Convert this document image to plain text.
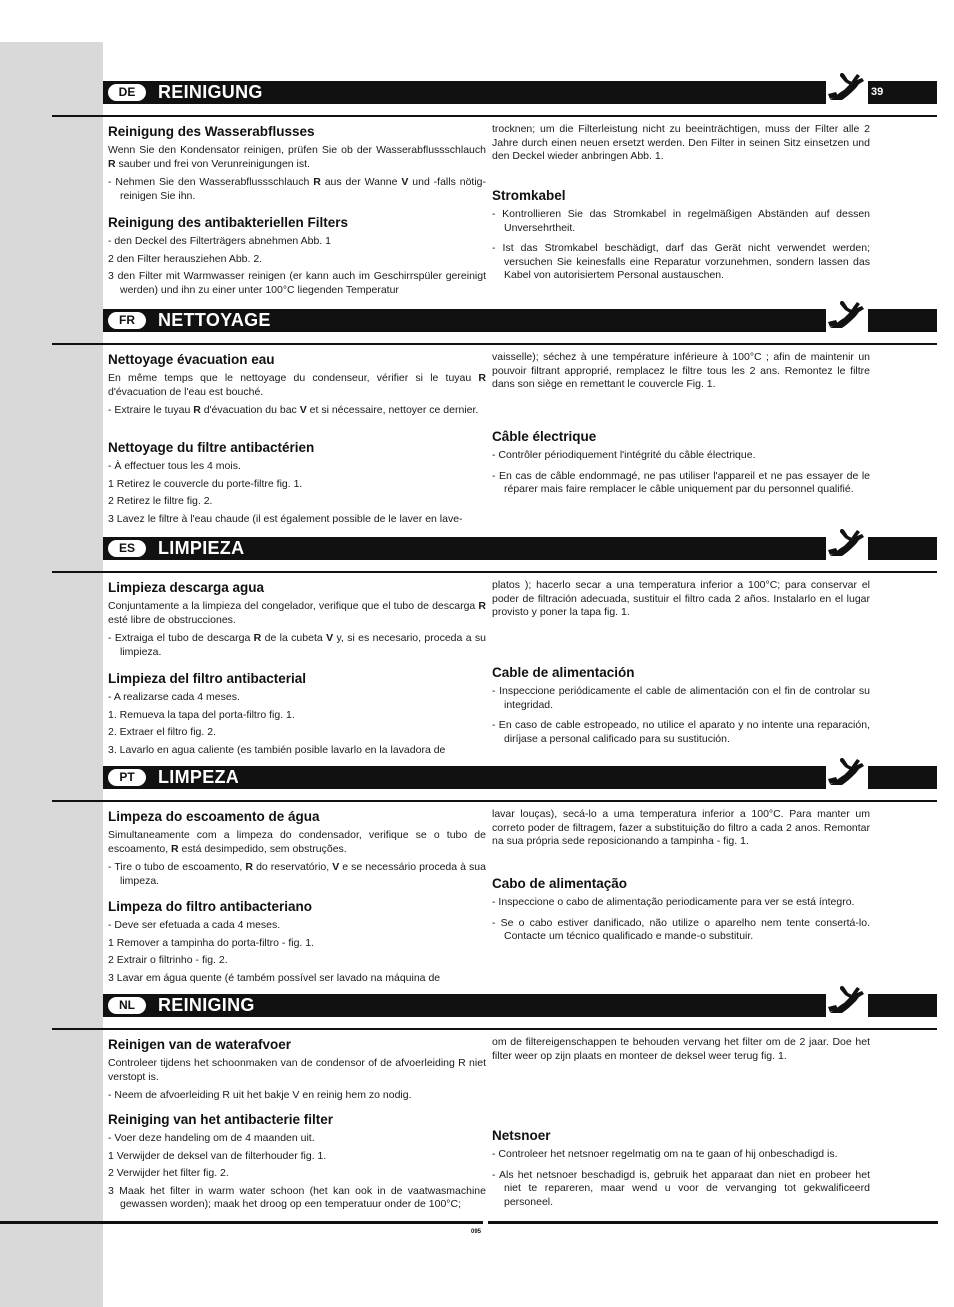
DE	REINIGUNG	39
Reinigung des Wasserabflusses

Wenn Sie den Kondensator reinigen, prüfen Sie ob der Wasserabflussschlauch R sauber und frei von Verunreinigungen ist.

- Nehmen Sie den Wasserabflussschlauch R aus der Wanne V und -falls nötig- reinigen Sie ihn.
Reinigung des antibakteriellen Filters
- den Deckel des Filterträgers abnehmen Abb. 1
2 den Filter herausziehen Abb. 2.
3 den Filter mit Warmwasser reinigen (er kann auch im Geschirrspüler gereinigt werden) und ihn zu einer unter 100°C liegenden Temperatur

trocknen; um die Filterleistung nicht zu beeinträchtigen, muss der Filter alle 2 Jahre durch einen neuen ersetzt werden. Den Filter in seinen Sitz einsetzen und den Deckel wieder anbringen Abb. 1.

Stromkabel
- Kontrollieren Sie das Stromkabel in regelmäßigen Abständen auf dessen Unversehrtheit.
- Ist das Stromkabel beschädigt, darf das Gerät nicht verwendet werden; versuchen Sie keinesfalls eine Reparatur vorzunehmen, sondern lassen das Kabel von autorisiertem Personal austauschen.
FR	NETTOYAGE
Nettoyage évacuation eau

En même temps que le nettoyage du condenseur, vérifier si le tuyau R d'évacuation de l'eau est bouché.

- Extraire le tuyau R d'évacuation du bac V et si nécessaire, nettoyer ce dernier.
Nettoyage du filtre antibactérien
- À effectuer tous les 4 mois.
1 Retirez le couvercle du porte-filtre fig. 1.
2 Retirez le filtre fig. 2.
3 Lavez le filtre à l'eau chaude (il est également possible de le laver en lave-

vaisselle); séchez à une température inférieure à 100°C ; afin de maintenir un pouvoir filtrant approprié, remplacez le filtre tous les 2 ans. Remontez le filtre dans son siège en remettant le couvercle Fig. 1.

Câble électrique
- Contrôler périodiquement l'intégrité du câble électrique.
- En cas de câble endommagé, ne pas utiliser l'appareil et ne pas essayer de le réparer mais faire remplacer le câble uniquement par du personnel qualifié.
ES	LIMPIEZA
Limpieza descarga agua

Conjuntamente a la limpieza del congelador, verifique que el tubo de descarga R esté libre de obstrucciones.

- Extraiga el tubo de descarga R de la cubeta V y, si es necesario, proceda a su limpieza.
Limpieza del filtro antibacterial
- A realizarse cada 4 meses.
1. Remueva la tapa del porta-filtro fig. 1.
2. Extraer el filtro fig. 2.
3. Lavarlo en agua caliente (es también posible lavarlo en la lavadora de

platos ); hacerlo secar a una temperatura inferior a 100°C; para conservar el poder de filtración adecuada, sustituir el filtro cada 2 años. Instalarlo en el lugar provisto y poner la tapa fig. 1.

Cable de alimentación
- Inspeccione periódicamente el cable de alimentación con el fin de controlar su integridad.
- En caso de cable estropeado, no utilice el aparato y no intente una reparación, diríjase a personal calificado para su sustitución.
PT	LIMPEZA
Limpeza do escoamento de água

Simultaneamente com a limpeza do condensador, verifique se o tubo de escoamento, R está desimpedido, sem obstruções.

- Tire o tubo de escoamento, R do reservatório, V e se necessário proceda à sua limpeza.
Limpeza do filtro antibacteriano
- Deve ser efetuada a cada 4 meses.
1 Remover a tampinha do porta-filtro - fig. 1.
2 Extrair o filtrinho - fig. 2.
3 Lavar em água quente (é também possível ser lavado na máquina de

lavar louças), secá-lo a uma temperatura inferior a 100°C. Para manter um correto poder de filtragem, fazer a substituição do filtro a cada 2 anos. Remontar na sua própria sede reposicionando a tampinha - fig. 1.

Cabo de alimentação
- Inspeccione o cabo de alimentação periodicamente para ver se está íntegro.
- Se o cabo estiver danificado, não utilize o aparelho nem tente consertá-lo. Contacte um técnico qualificado e mande-o substituir.
NL	REINIGING
Reinigen van de waterafvoer

Controleer tijdens het schoonmaken van de condensor of de afvoerleiding R niet verstopt is.

- Neem de afvoerleiding R uit het bakje V en reinig hem zo nodig.
Reiniging van het antibacterie filter
- Voer deze handeling om de 4 maanden uit.
1 Verwijder de deksel van de filterhouder fig. 1.
2 Verwijder het filter fig. 2.
3 Maak het filter in warm water schoon (het kan ook in de vaatwasmachine gewassen worden); maak het droog op een temperatuur onder de 100°C;

om de filtereigenschappen te behouden vervang het filter om de 2 jaar. Doe het filter weer op zijn plaats en monteer de deksel weer terug fig. 1.

Netsnoer
- Controleer het netsnoer regelmatig om na te gaan of hij onbeschadigd is.
- Als het netsnoer beschadigd is, gebruik het apparaat dan niet en probeer het niet te repareren, maar wend u voor de vervanging tot gekwalificeerd personeel.
095
